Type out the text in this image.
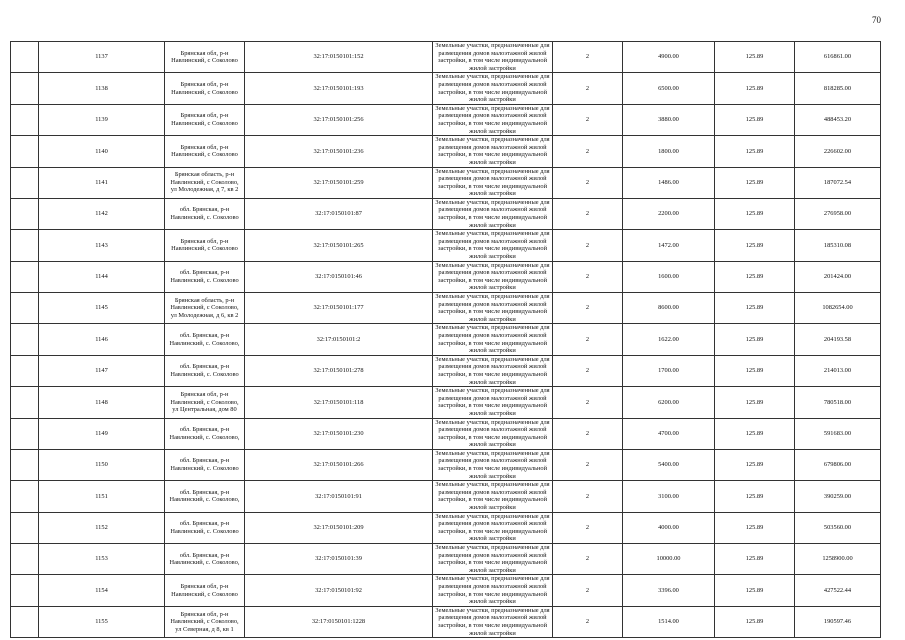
70
	1137	Брянская обл, р-н Навлинский, с Соколово	32:17:0150101:152	Земельные участки, предназначенные для размещения домов малоэтажной жилой застройки, в том числе индивидуальной жилой застройки	2	4900.00	125.89	616861.00
	1138	Брянская обл, р-н Навлинский, с Соколово	32:17:0150101:193	Земельные участки, предназначенные для размещения домов малоэтажной жилой застройки, в том числе индивидуальной жилой застройки	2	6500.00	125.89	818285.00
	1139	Брянская обл, р-н Навлинский, с Соколово	32:17:0150101:256	Земельные участки, предназначенные для размещения домов малоэтажной жилой застройки, в том числе индивидуальной жилой застройки	2	3880.00	125.89	488453.20
	1140	Брянская обл, р-н Навлинский, с Соколово	32:17:0150101:236	Земельные участки, предназначенные для размещения домов малоэтажной жилой застройки, в том числе индивидуальной жилой застройки	2	1800.00	125.89	226602.00
	1141	Брянская область, р-н Навлинский, с Соколово, ул Молодежная, д 7, кв 2	32:17:0150101:259	Земельные участки, предназначенные для размещения домов малоэтажной жилой застройки, в том числе индивидуальной жилой застройки	2	1486.00	125.89	187072.54
	1142	обл. Брянская, р-н Навлинский, с. Соколово	32:17:0150101:87	Земельные участки, предназначенные для размещения домов малоэтажной жилой застройки, в том числе индивидуальной жилой застройки	2	2200.00	125.89	276958.00
	1143	Брянская обл, р-н Навлинский, с Соколово	32:17:0150101:265	Земельные участки, предназначенные для размещения домов малоэтажной жилой застройки, в том числе индивидуальной жилой застройки	2	1472.00	125.89	185310.08
	1144	обл. Брянская, р-н Навлинский, с. Соколово	32:17:0150101:46	Земельные участки, предназначенные для размещения домов малоэтажной жилой застройки, в том числе индивидуальной жилой застройки	2	1600.00	125.89	201424.00
	1145	Брянская область, р-н Навлинский, с Соколово, ул Молодежная, д 6, кв 2	32:17:0150101:177	Земельные участки, предназначенные для размещения домов малоэтажной жилой застройки, в том числе индивидуальной жилой застройки	2	8600.00	125.89	1082654.00
	1146	обл. Брянская, р-н Навлинский, с. Соколово,	32:17:0150101:2	Земельные участки, предназначенные для размещения домов малоэтажной жилой застройки, в том числе индивидуальной жилой застройки	2	1622.00	125.89	204193.58
	1147	обл. Брянская, р-н Навлинский, с. Соколово	32:17:0150101:278	Земельные участки, предназначенные для размещения домов малоэтажной жилой застройки, в том числе индивидуальной жилой застройки	2	1700.00	125.89	214013.00
	1148	Брянская обл, р-н Навлинский, с Соколово, ул Центральная, дом 80	32:17:0150101:118	Земельные участки, предназначенные для размещения домов малоэтажной жилой застройки, в том числе индивидуальной жилой застройки	2	6200.00	125.89	780518.00
	1149	обл. Брянская, р-н Навлинский, с. Соколово,	32:17:0150101:230	Земельные участки, предназначенные для размещения домов малоэтажной жилой застройки, в том числе индивидуальной жилой застройки	2	4700.00	125.89	591683.00
	1150	обл. Брянская, р-н Навлинский, с. Соколово	32:17:0150101:266	Земельные участки, предназначенные для размещения домов малоэтажной жилой застройки, в том числе индивидуальной жилой застройки	2	5400.00	125.89	679806.00
	1151	обл. Брянская, р-н Навлинский, с. Соколово,	32:17:0150101:91	Земельные участки, предназначенные для размещения домов малоэтажной жилой застройки, в том числе индивидуальной жилой застройки	2	3100.00	125.89	390259.00
	1152	обл. Брянская, р-н Навлинский, с. Соколово	32:17:0150101:209	Земельные участки, предназначенные для размещения домов малоэтажной жилой застройки, в том числе индивидуальной жилой застройки	2	4000.00	125.89	503560.00
	1153	обл. Брянская, р-н Навлинский, с. Соколово,	32:17:0150101:39	Земельные участки, предназначенные для размещения домов малоэтажной жилой застройки, в том числе индивидуальной жилой застройки	2	10000.00	125.89	1258900.00
	1154	Брянская обл, р-н Навлинский, с Соколово	32:17:0150101:92	Земельные участки, предназначенные для размещения домов малоэтажной жилой застройки, в том числе индивидуальной жилой застройки	2	3396.00	125.89	427522.44
	1155	Брянская обл, р-н Навлинский, с Соколово, ул Северная, д 8, кв 1	32:17:0150101:1228	Земельные участки, предназначенные для размещения домов малоэтажной жилой застройки, в том числе индивидуальной жилой застройки	2	1514.00	125.89	190597.46
